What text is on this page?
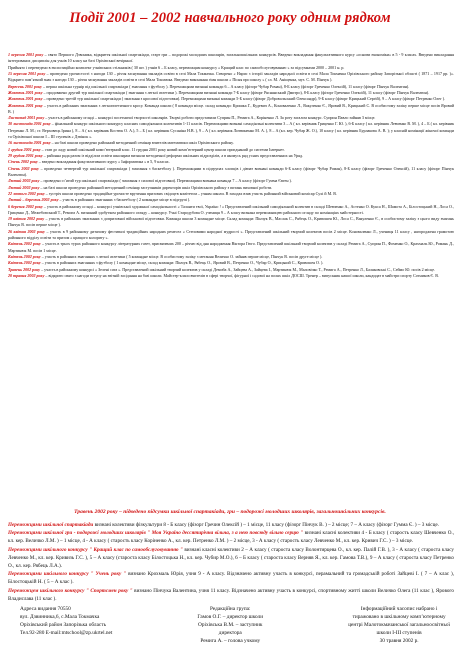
Події 2001 – 2002 навчального року одним рядком

1 вересня 2001 року – свято Першого Дзвоника, відкриття шкільної спартакіади, старт гри – подорожі молодших школярів, загальношкільних конкурсів. Введено викладання факультативного курсу «основи економіки» в 5 - 9 класах. Введено викладання інтегрованих дисциплін для учнів 10 класу на базі Оріхівської вечірньої.

Прийнято і переведено в експозиційно комплект учнівських стільників ( 30 шт. ) учнів 6 – Б класу, переможцям конкурсу « Кращий клас по самообслуговуванню » за підсумками 2000 – 2001 н. р.

15 вересня 2001 року – проведено урочистості з нагоди 130 – річчя заснування закладів освіти в селі Мала Токмачка. Створено « Нарис з історії закладів народної освіти в селі Мала Токмачка Оріхівського району Запорізької області ( 1871 – 1917 рр. )». Відкрито пам’ятний знак з нагоди 130 – річчя заснування закладів освіти в селі Мала Токмачка. Введено виконання гімн школи « Пісня про школу » ( сл. М. Аніщенка, муз. С. М. Пінчук ).

Вересень 2001 року – перша шкільна турнір під шкільної спартакіади ( змагання з футболу ). Переможцями визнані команди 6 – А класу (фізорг Чубар Роман), 8-Б класу (фізорг Греченко Олексій), 11 класу (фізорг Пінчук Валентин).

Жовтень 2001 року – продовжено другий тур шкільної спартакіади ( змагання з легкої атлетики ). Переможцями визнані команди 7-Б класу (фізорг Ряснянський Дмитро), 8-Б класу (фізорг Греченко Олексій), 11 класу (фізорг Пінчук Валентин).

Жовтень 2001 року – проведено третій тур шкільної спартакіади ( змагання з кросової підготовки). Переможцями визнані команди 5-Б класу (фізорг Добровольський Олександр), 9-Б класу (фізорг Крицький Сергій), 9 – А класу (фізорг Петренко Олег ).

Жовтень 2001 року – участь в районних змаганнях з легкоатлетичного кросу. Команда школи ( 8 команди місце. склад команди: Кришка Г., Кудевич А., Коноваленко Л., Вакуленко Є., Яровий В., Крицький С. В особистому заліку перше місце посів Яровий В. )

Листопад 2001 року – участь в районному огляді – конкурсі посетничої творчості школярів. Творчі роботи представили Суприн П., Ремига А., Коріненко Л. За роту загалом конкурс. Суприн Павло зайняв 3 місце.

30 листопада 2001 року – фінальний конкурс шкільного конкурсу класних самодіяльних колективів 1-11 класів. Переможцями визнані самодіяльні колективи 3 – А ( кл. керівник Гриценко Г. Ю. ), 6-Б класу ( кл. керівник Левченко В. М. ), 4 – Б ( кл. керівник Петренко Л. М.; ст. Верховець Ірина ), 8 – А ( кл. керівник Костюк О. А.), 5 – Б ( кл. керівник Сусаніна Н.В. ), 9 – А ( кл. керівник Литвиненко М. А. ), 8 – А (кл. кер. Чубар Ж. О.), 10 класу ( кл. керівник Бурлакова А. В. ); у класній номінації жіночої команди та Оріхівської школи I – III ступенів « Дзвінок ».

16 листопада 2001 року – на базі школи проведено районний методичний семінар вчителів математики шкіл Оріхівського району.

1 грудня 2001 року – став до ладу новий шкільний комп’ютерний клас. 11 грудня 2001 року новий комп’ютерний центр школи приєднаний до системи Інтернет.

29 грудня 2001 року – районна рада разом із відділом освіти школярам визнали методичної реформи шкільних підрозділів, а в якомусь ряд усних представленних на Уряд.

Січень 2002 року – введено викладання факультативного курсу « Інформатика » в 5, 9 класах.

Січень 2002 року – проведено четвертий тур шкільної спартакіади ( змагання з баскетболу ). Переможцями в підгрупах хлопців і дівчат визнані команди 6-Б класу (фізорг Чубар Роман), 8-Б класу (фізорг Греченко Олексій), 11 класу (фізорг Пінчук Валентин).

Лютий 2002 року – проведено п’ятий тур шкільної спартакіади ( змагання з силової підготовки). Переможцями визнана команда 7 – А класу (фізорг Гумма Євген ).

Лютий 2002 року – на базі школи проведено районний методичний семінар заступників директорів шкіл Оріхівського району з питань виховної роботи.

22 лютого 2002 року – зустріч школи проведено традиційне урочисте вручення призових свідоцтв комітетом – учням школи. В заходах взяв участь районний військовий комісар Сухі й М. В.

Лютий – березень 2002 року – участь в районних змаганнях з баскетболу ( 2 командне місце в підгрупі ).

6 березня 2002 року – участь в районному огляді – конкурсі учнівської художньої самодіяльності « Таланти твої, Україно ! » Представлений шкільний самодіяльний колектив в складі Шевченко А., Астенко О. Кукса Н., Шамота А., Білостоцький Н., Лоса О., Гриценко Д., Межебовський Т., Ремига А. визнаний здобутком районного огляду – конкурсу. Учні Стародубова О. учениця 9 – А класу визнана переможницею районного огляду по номінаціях майстерності.

19 квітня 2002 року – участь в районних змаганнях з допризовної військової підготовки. Команда школи 3 командне місце. Склад команди: Пінчук В., Маслак С., Рябець О., Кривошея Ю., Лоса С., Вакуленко Є., в особистому заліку з цього виду змагань Пінчук В. посів перше місце ).

26 квітня 2002 року – участь в 9 районному дитячому фестивалі традиційних народних ремесел « Степовими народної мудрості ». Представлений шкільний творчий колектив посів 2 місце. Коноваленко Л., учениця 11 класу , нагороджена грамотою районного відділу освіти та призом « кращого колориту ».

Квітень 2002 року – участь в трьох турах районного конкурсу літературних газет, присвячених 200 – річчю від дня народження Віктора Гюго. Представлений шкільний творчий колектив у складі Ремига А., Суприн П., Фоменко О., Крахмаль Ю., Романь Д., Мартинюк М. посів 1 місце.

Квітень 2002 року – участь в районних змаганнях з легкої атлетики ( 5 командне місце. В особистому заліку з метання Величко О. зайняв перше місце, Пінчук В. посів друге місце ).

Квітень 2002 року – участь в районних змаганнях з футболу ( 1 командне місце, склад команди: Пінчук В., Рябець О., Яровий В., Петренко О., Чубар О., Крицький С., Кривошея О. ).

Травень 2002 року – участь в районному конкурсі « Зелені сата ». Представлений шкільний творчий колектив у складі Демиба А., Зайцева А., Зайцева І., Мартинюк М., Маловічко Т., Ремига А., Петренко Л., Баляковські С., Сеймо Ю. посів 2 місце.

20 травня 2002 року – відкрито свято з нагоди вступу на звітній засідання на базі школи. Майстер-класи вчителів в сфері творчої, фігурної і садової на полях шкіл ДОСШ. Тренер – випускник нашої школи, кандидат в майстри спорту Сотников Є. В.

Травень 2002 року – підведено підсумки шкільної спартакіади, гри – подорожі молодших школярів, загальношкільних конкурсів.

Переможцями шкільної спартакіади визнані колективи фізкультури 8 - Б класу (фізорг Гречин Олексій ) – 1 місце, 11 класу (фізорг Пінчук В. ) – 2 місце; 7 – А класу (фізорг Гумма Є. ) – 3 місце.

Переможцями шкільної гри - подорожі молодших школярів " Моя Україно дессятирічна вільна, з а нею повсюду вільно серцю " визнані класні колективи 4 - Б класу ( старость класу Шевченко О., кл. кер. Величко Л.М. ) – 1 місце, 4 - А класу ( старость класу Коріненко А., кл. кер. Петренко Л.М. ) – 2 місце, 3 - А класу ( старость класу Левченко М., кл. кер. Кривич Г.С. ) – 3 місце.

Переможцями шкільного конкурсу " Кращий клас по самообслуговуванню " визнані класні колективи 2 – А класу ( староста класу Волонтирцева О., кл. кер. Палій Г.В. ), 3 - А класу ( староста класу Левченко М., кл. кер. Кривизь Г.С. ), 5 – А класу (староста класу Білостоцька Н., кл. кер. Чубир М.О.), 6 – Б класу ( староста класу Верняв Я., кл. кер. Гамова Т.В.), 9 – А класу ( староста класу Петренко О., кл. кер. Рябець Л.А.).

Переможцями шкільного конкурсу " Учень року " визнано Крохмаль Юрія, учня 9 - А класу. Відзначено активну участь в конкурсі, перамальний та громадській роботі Зайцеві І. ( 7 – А клас ), Білостоцькій Н. ( 5 – А клас ).

Переможцем шкільного конкурсу " Спортсмен року " визнано Пінчука Валентина, учня 11 класу. Відзначено активну участь в конкурсі, спортивному житті школи Величко Олега (11 клас ), Ярового Владислава (11 клас ).

Адреса видання 70550
вул. Дзвинника,6, с.Мала Токмачка
Оріхівський район Запорізька область
Тел.92-280 E-mail:mtschool@zp.ukrtel.net
Редакційна група:
Гамов О.Г. – директор школи
Оріхівська В.М. – заступник
директора
Ремига А. – голова учкому
Інформаційний часопис набрано і
тиражовано в шкільному комп’ютерному
центрі Малотокмачанської загальноосвітньої
школи I-III ступенів
30 травня 2002 р.
